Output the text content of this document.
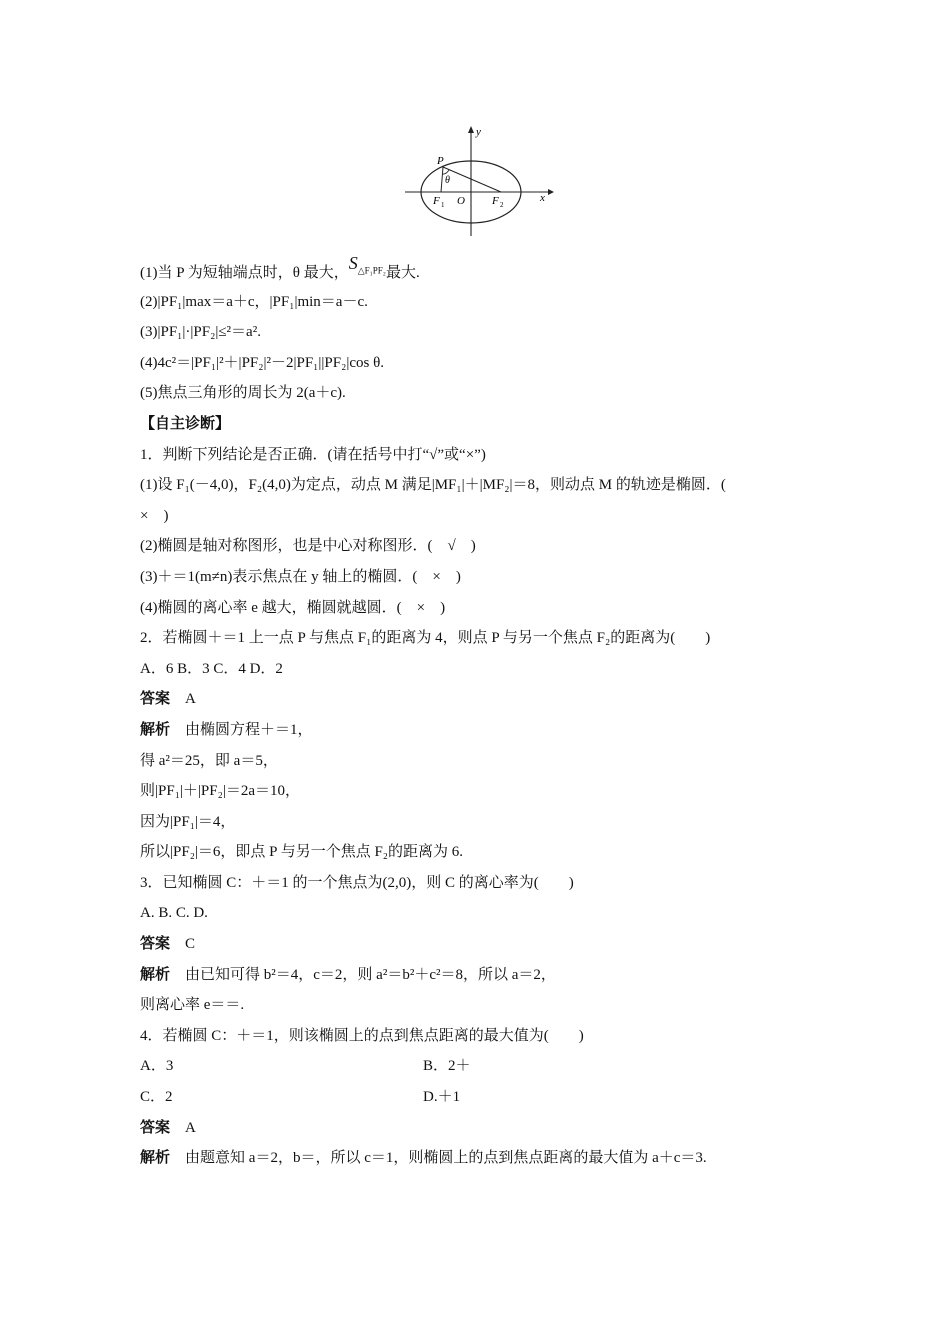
y
x
P
θ
F 1 O F 2
(1)当 P 为短轴端点时，θ 最大，$S_{\triangle F_1PF_2}$最大.
(2)|PF₁|max＝a＋c，|PF₁|min＝a－c.
(3)|PF₁|·|PF₂|≤²＝a².
(4)4c²＝|PF₁|²＋|PF₂|²－2|PF₁||PF₂|cos θ.
(5)焦点三角形的周长为 2(a＋c).
【自主诊断】
1．判断下列结论是否正确．(请在括号中打“√”或“×”)
(1)设 F₁(－4,0)，F₂(4,0)为定点，动点 M 满足|MF₁|＋|MF₂|＝8，则动点 M 的轨迹是椭圆．(
×　)
(2)椭圆是轴对称图形，也是中心对称图形．(　√　)
(3)＋＝1(m≠n)表示焦点在 y 轴上的椭圆．(　×　)
(4)椭圆的离心率 e 越大，椭圆就越圆．(　×　)
2．若椭圆＋＝1 上一点 P 与焦点 F₁的距离为 4，则点 P 与另一个焦点 F₂的距离为(　　)
A．6 B．3 C．4 D．2
答案　 A
解析　 由椭圆方程＋＝1，
得 a²＝25，即 a＝5，
则|PF₁|＋|PF₂|＝2a＝10，
因为|PF₁|＝4，
所以|PF₂|＝6，即点 P 与另一个焦点 F₂的距离为 6.
3．已知椭圆 C：＋＝1 的一个焦点为(2,0)，则 C 的离心率为(　　)
A. B. C. D.
答案　 C
解析　 由已知可得 b²＝4，c＝2，则 a²＝b²＋c²＝8，所以 a＝2，
则离心率 e＝＝.
4．若椭圆 C：＋＝1，则该椭圆上的点到焦点距离的最大值为(　　)
A．3	B．2＋
C．2	D.＋1
答案　 A
解析　 由题意知 a＝2，b＝，所以 c＝1，则椭圆上的点到焦点距离的最大值为 a＋c＝3.
